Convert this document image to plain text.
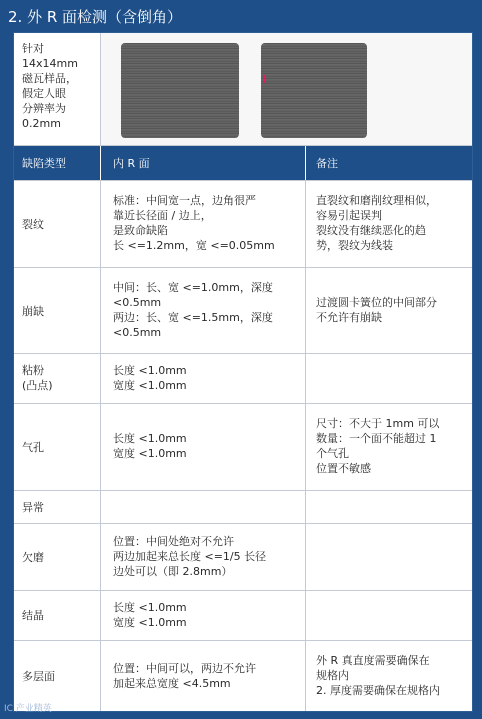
2. 外 R 面检测（含倒角）
针对
14x14mm
磁瓦样品，
假定人眼
分辨率为
0.2mm
缺陷类型	内 R 面	备注
裂纹
标准：中间宽一点，边角很严
靠近长径面 / 边上，
是致命缺陷
长 <=1.2mm，宽 <=0.05mm
直裂纹和磨削纹理相似，
容易引起误判
裂纹没有继续恶化的趋
势，裂纹为线装
崩缺
中间：长、宽 <=1.0mm，深度
<0.5mm
两边：长、宽 <=1.5mm，深度
<0.5mm
过渡圆卡簧位的中间部分
不允许有崩缺
粘粉
(凸点)
长度 <1.0mm
宽度 <1.0mm
气孔
长度 <1.0mm
宽度 <1.0mm
尺寸：不大于 1mm 可以
数量：一个面不能超过 1
个气孔
位置不敏感
异常
欠磨
位置：中间处绝对不允许
两边加起来总长度 <=1/5 长径
边处可以（即 2.8mm）
结晶
长度 <1.0mm
宽度 <1.0mm
多层面
位置：中间可以，两边不允许
加起来总宽度 <4.5mm
外 R 真直度需要确保在
规格内
2. 厚度需要确保在规格内
IC 产业精英
